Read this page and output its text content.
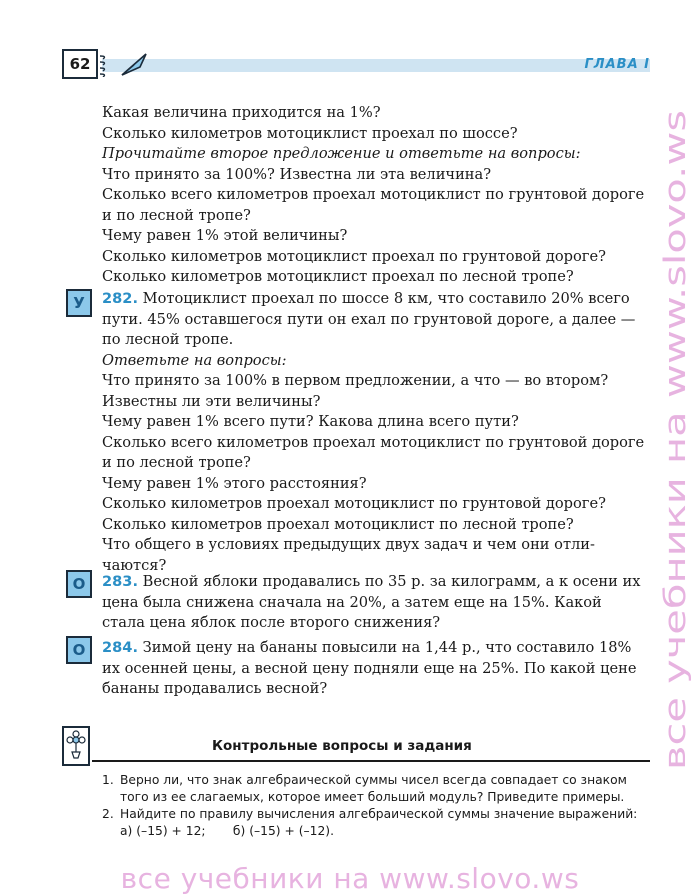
62	ГЛАВА I

Какая величина приходится на 1%?

Сколько километров мотоциклист проехал по шоссе?

Прочитайте второе предложение и ответьте на вопросы:

Что принято за 100%? Известна ли эта величина?

Сколько всего километров проехал мотоциклист по грунтовой дороге

и по лесной тропе?

Чему равен 1% этой величины?

Сколько километров мотоциклист проехал по грунтовой дороге?

Сколько километров мотоциклист проехал по лесной тропе?

У 282. Мотоциклист проехал по шоссе 8 км, что составило 20% всего

пути. 45% оставшегося пути он ехал по грунтовой дороге, а далее —

по лесной тропе.

Ответьте на вопросы:

Что принято за 100% в первом предложении, а что — во втором?

Известны ли эти величины?

Чему равен 1% всего пути? Какова длина всего пути?

Сколько всего километров проехал мотоциклист по грунтовой дороге

и по лесной тропе?

Чему равен 1% этого расстояния?

Сколько километров проехал мотоциклист по грунтовой дороге?

Сколько километров проехал мотоциклист по лесной тропе?

Что общего в условиях предыдущих двух задач и чем они отли-

чаются?

О 283. Весной яблоки продавались по 35 р. за килограмм, а к осени их

цена была снижена сначала на 20%, а затем еще на 15%. Какой

стала цена яблок после второго снижения?

О 284. Зимой цену на бананы повысили на 1,44 р., что составило 18%

их осенней цены, а весной цену подняли еще на 25%. По какой цене

бананы продавались весной?

Контрольные вопросы и задания
1. Верно ли, что знак алгебраической суммы чисел всегда совпадает со знаком
того из ее слагаемых, которое имеет больший модуль? Приведите примеры.
2. Найдите по правилу вычисления алгебраической суммы значение выражений:
а) (–15) + 12;       б) (–15) + (–12).
все учебники на www.slovo.ws
все учебники на www.slovo.ws
